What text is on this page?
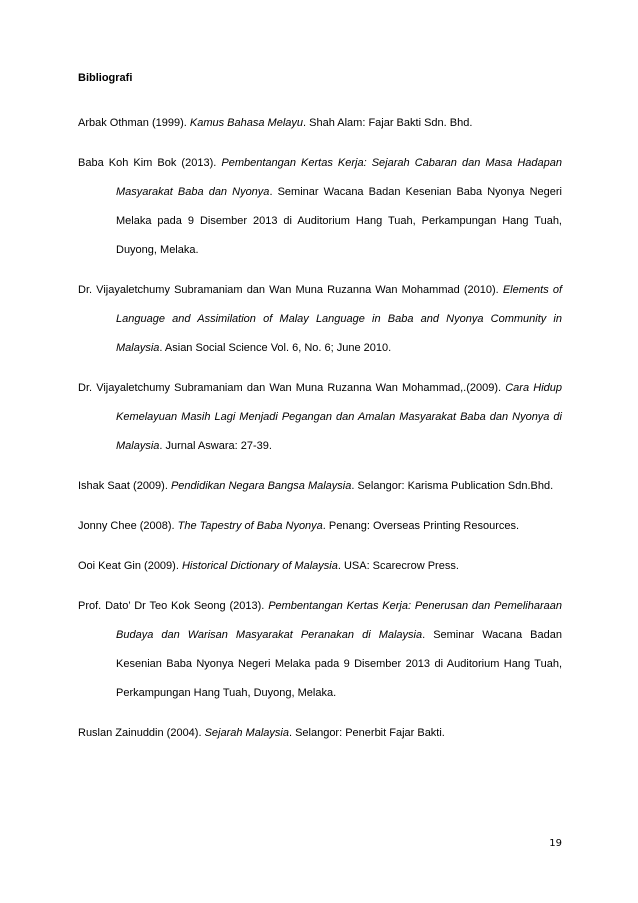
Bibliografi

Arbak Othman (1999). Kamus Bahasa Melayu. Shah Alam: Fajar Bakti Sdn. Bhd.

Baba Koh Kim Bok (2013). Pembentangan Kertas Kerja: Sejarah Cabaran dan Masa Hadapan Masyarakat Baba dan Nyonya. Seminar Wacana Badan Kesenian Baba Nyonya Negeri Melaka pada 9 Disember 2013 di Auditorium Hang Tuah, Perkampungan Hang Tuah, Duyong, Melaka.

Dr. Vijayaletchumy Subramaniam dan Wan Muna Ruzanna Wan Mohammad (2010). Elements of Language and Assimilation of Malay Language in Baba and Nyonya Community in Malaysia. Asian Social Science Vol. 6, No. 6; June 2010.

Dr. Vijayaletchumy Subramaniam dan Wan Muna Ruzanna Wan Mohammad,.(2009). Cara Hidup Kemelayuan Masih Lagi Menjadi Pegangan dan Amalan Masyarakat Baba dan Nyonya di Malaysia. Jurnal Aswara: 27-39.

Ishak Saat (2009). Pendidikan Negara Bangsa Malaysia. Selangor: Karisma Publication Sdn.Bhd.

Jonny Chee (2008). The Tapestry of Baba Nyonya. Penang: Overseas Printing Resources.

Ooi Keat Gin (2009). Historical Dictionary of Malaysia. USA: Scarecrow Press.

Prof. Dato’ Dr Teo Kok Seong (2013). Pembentangan Kertas Kerja: Penerusan dan Pemeliharaan Budaya dan Warisan Masyarakat Peranakan di Malaysia. Seminar Wacana Badan Kesenian Baba Nyonya Negeri Melaka pada 9 Disember 2013 di Auditorium Hang Tuah, Perkampungan Hang Tuah, Duyong, Melaka.

Ruslan Zainuddin (2004). Sejarah Malaysia. Selangor: Penerbit Fajar Bakti.

19
